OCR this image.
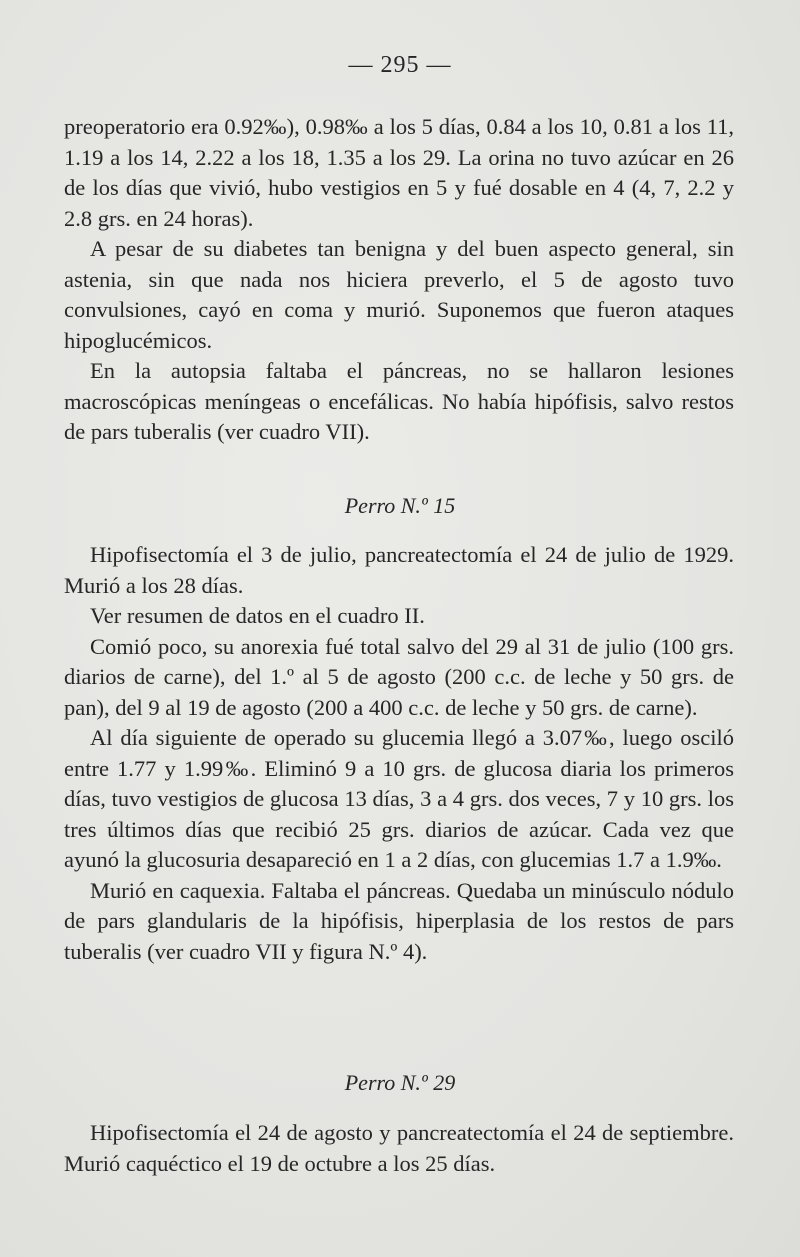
— 295 —

preoperatorio era 0.92‰), 0.98‰ a los 5 días, 0.84 a los 10, 0.81 a los 11, 1.19 a los 14, 2.22 a los 18, 1.35 a los 29. La orina no tuvo azúcar en 26 de los días que vivió, hubo vestigios en 5 y fué dosable en 4 (4, 7, 2.2 y 2.8 grs. en 24 horas).

A pesar de su diabetes tan benigna y del buen aspecto general, sin astenia, sin que nada nos hiciera preverlo, el 5 de agosto tuvo convulsiones, cayó en coma y murió. Suponemos que fueron ataques hipoglucémicos.

En la autopsia faltaba el páncreas, no se hallaron lesiones macroscópicas meníngeas o encefálicas. No había hipófisis, salvo restos de pars tuberalis (ver cuadro VII).

Perro N.º 15

Hipofisectomía el 3 de julio, pancreatectomía el 24 de julio de 1929. Murió a los 28 días.

Ver resumen de datos en el cuadro II.

Comió poco, su anorexia fué total salvo del 29 al 31 de julio (100 grs. diarios de carne), del 1.º al 5 de agosto (200 c.c. de leche y 50 grs. de pan), del 9 al 19 de agosto (200 a 400 c.c. de leche y 50 grs. de carne).

Al día siguiente de operado su glucemia llegó a 3.07‰, luego osciló entre 1.77 y 1.99‰. Eliminó 9 a 10 grs. de glucosa diaria los primeros días, tuvo vestigios de glucosa 13 días, 3 a 4 grs. dos veces, 7 y 10 grs. los tres últimos días que recibió 25 grs. diarios de azúcar. Cada vez que ayunó la glucosuria desapareció en 1 a 2 días, con glucemias 1.7 a 1.9‰.

Murió en caquexia. Faltaba el páncreas. Quedaba un minúsculo nódulo de pars glandularis de la hipófisis, hiperplasia de los restos de pars tuberalis (ver cuadro VII y figura N.º 4).

Perro N.º 29

Hipofisectomía el 24 de agosto y pancreatectomía el 24 de septiembre. Murió caquéctico el 19 de octubre a los 25 días.
